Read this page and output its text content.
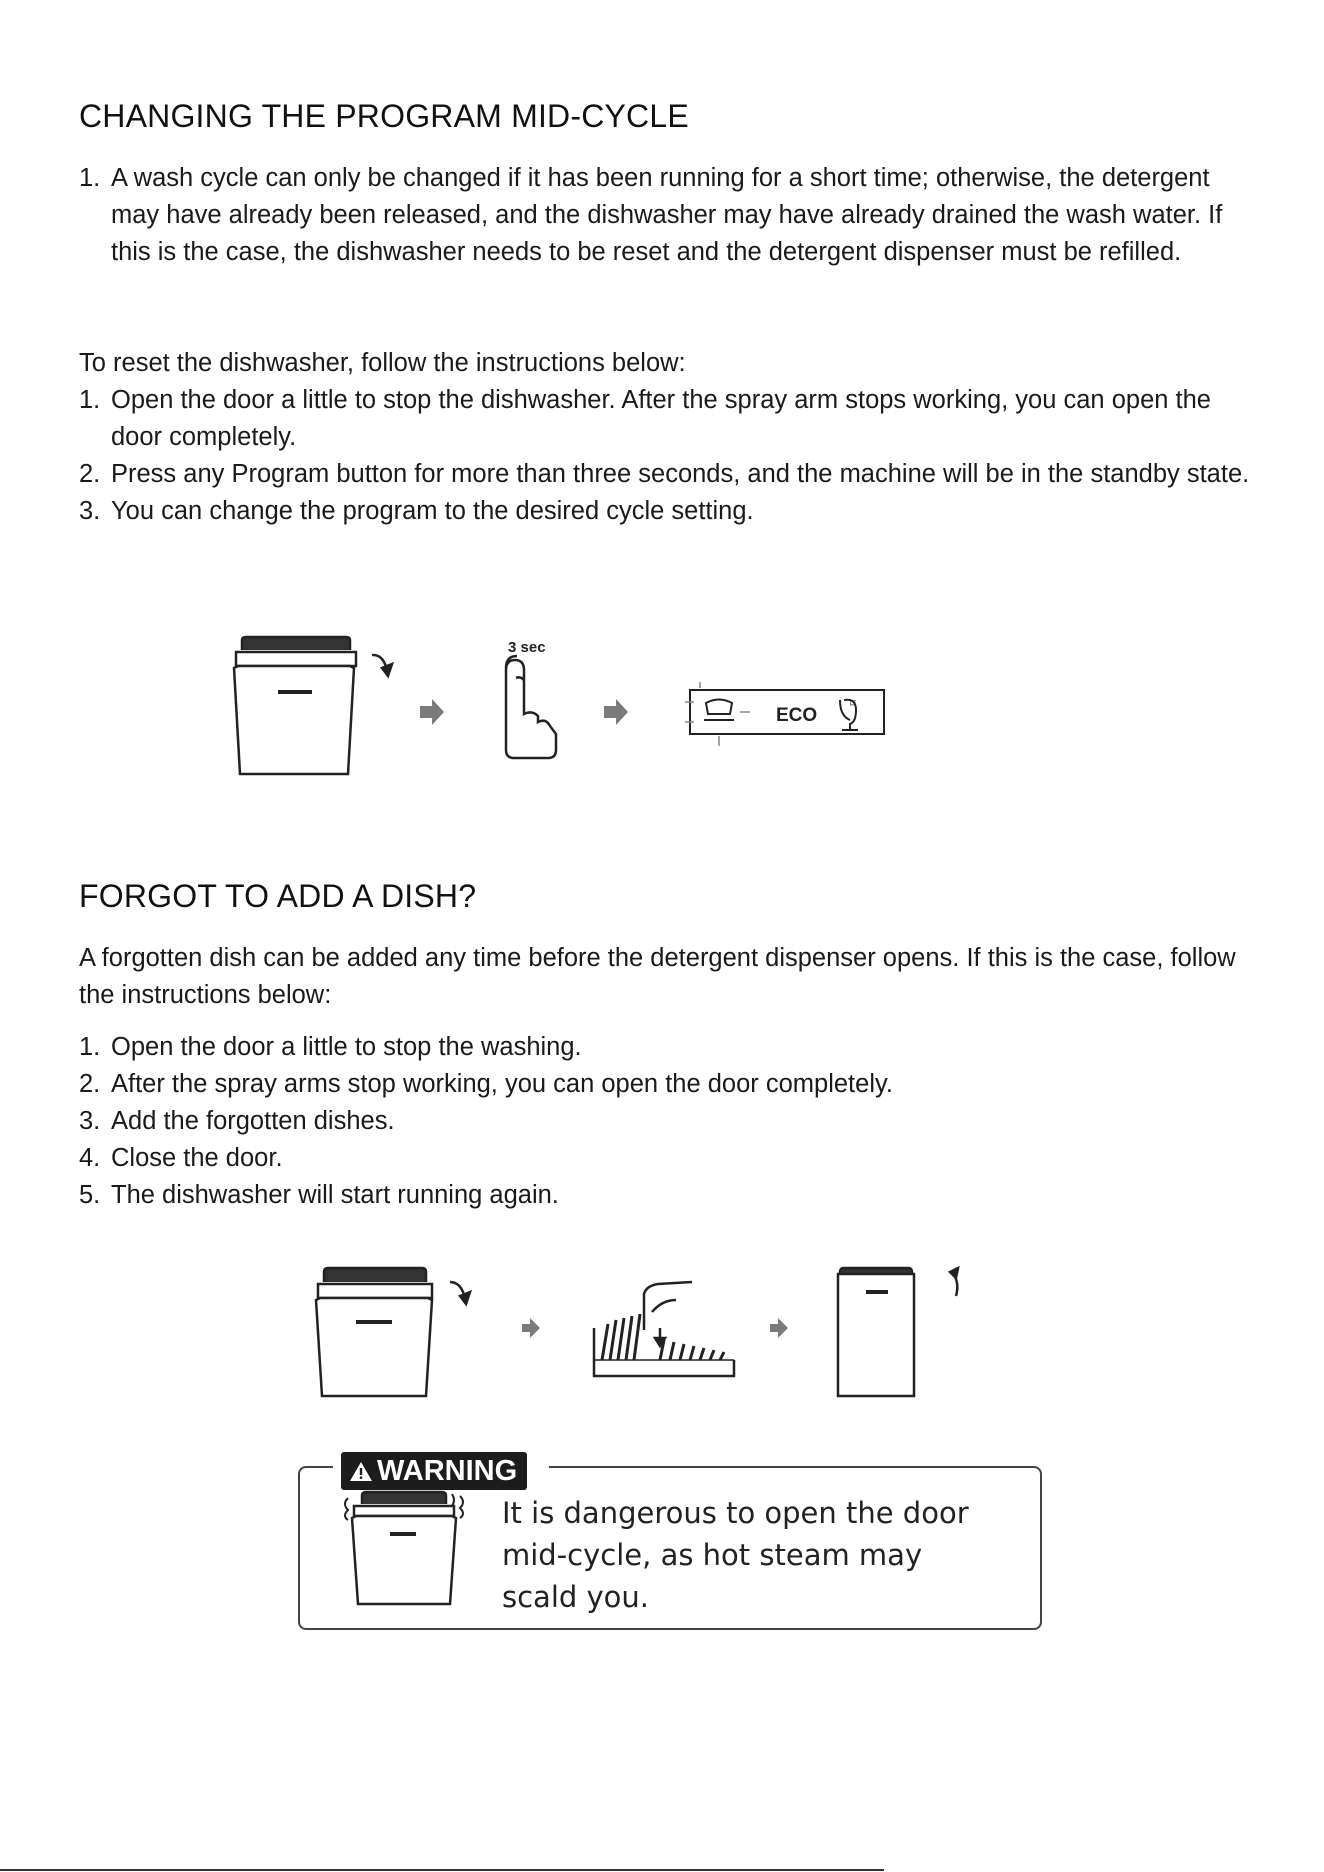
CHANGING THE PROGRAM MID-CYCLE
1. A wash cycle can only be changed if it has been running for a short time; otherwise, the detergent may have already been released, and the dishwasher may have already drained the wash water. If this is the case, the dishwasher needs to be reset and the detergent dispenser must be refilled.

To reset the dishwasher, follow the instructions below:

1. Open the door a little to stop the dishwasher. After the spray arm stops working, you can open the door completely.
2. Press any Program button for more than three seconds, and the machine will be in the standby state.
3. You can change the program to the desired cycle setting.
3 sec
ECO
⌑
FORGOT TO ADD A DISH?

A forgotten dish can be added any time before the detergent dispenser opens. If this is the case, follow the instructions below:

1. Open the door a little to stop the washing.
2. After the spray arms stop working, you can open the door completely.
3. Add the forgotten dishes.
4. Close the door.
5. The dishwasher will start running again.
WARNING
It is dangerous to open the door
mid-cycle, as hot steam may
scald you.
